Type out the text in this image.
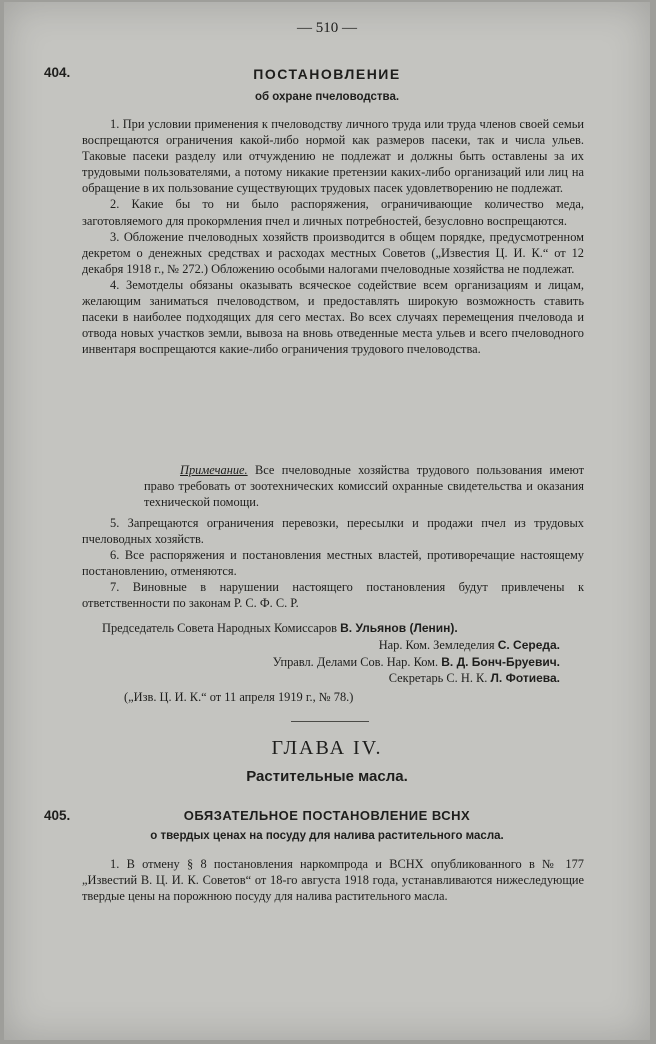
— 510 —
404.	ПОСТАНОВЛЕНИЕ
об охране пчеловодства.

1. При условии применения к пчеловодству личного труда или труда членов своей семьи воспрещаются ограничения какой-либо нормой как размеров пасеки, так и числа ульев. Таковые пасеки разделу или отчуждению не подлежат и должны быть оставлены за их трудовыми пользователями, а потому никакие претензии каких-либо организаций или лиц на обращение в их пользование существующих трудовых пасек удовлетворению не подлежат.

2. Какие бы то ни было распоряжения, ограничивающие количество меда, заготовляемого для прокормления пчел и личных потребностей, безусловно воспрещаются.

3. Обложение пчеловодных хозяйств производится в общем порядке, предусмотренном декретом о денежных средствах и расходах местных Советов („Известия Ц. И. К.“ от 12 декабря 1918 г., № 272.) Обложению особыми налогами пчеловодные хозяйства не подлежат.

4. Земотделы обязаны оказывать всяческое содействие всем организациям и лицам, желающим заниматься пчеловодством, и предоставлять широкую возможность ставить пасеки в наиболее подходящих для сего местах. Во всех случаях перемещения пчеловода и отвода новых участков земли, вывоза на вновь отведенные места ульев и всего пчеловодного инвентаря воспрещаются какие-либо ограничения трудового пчеловодства.

Примечание. Все пчеловодные хозяйства трудового пользования имеют право требовать от зоотехнических комиссий охранные свидетельства и оказания технической помощи.

5. Запрещаются ограничения перевозки, пересылки и продажи пчел из трудовых пчеловодных хозяйств.

6. Все распоряжения и постановления местных властей, противоречащие настоящему постановлению, отменяются.

7. Виновные в нарушении настоящего постановления будут привлечены к ответственности по законам Р. С. Ф. С. Р.

Председатель Совета Народных Комиссаров В. Ульянов (Ленин).
Нар. Ком. Земледелия С. Середа.
Управл. Делами Сов. Нар. Ком. В. Д. Бонч-Бруевич.
Секретарь С. Н. К. Л. Фотиева.
(„Изв. Ц. И. К.“ от 11 апреля 1919 г., № 78.)
ГЛАВА IV.
Растительные масла.
405.	ОБЯЗАТЕЛЬНОЕ ПОСТАНОВЛЕНИЕ ВСНХ
о твердых ценах на посуду для налива растительного масла.

1. В отмену § 8 постановления наркомпрода и ВСНХ опубликованного в № 177 „Известий В. Ц. И. К. Советов“ от 18-го августа 1918 года, устанавливаются нижеследующие твердые цены на порожнюю посуду для налива растительного масла.
